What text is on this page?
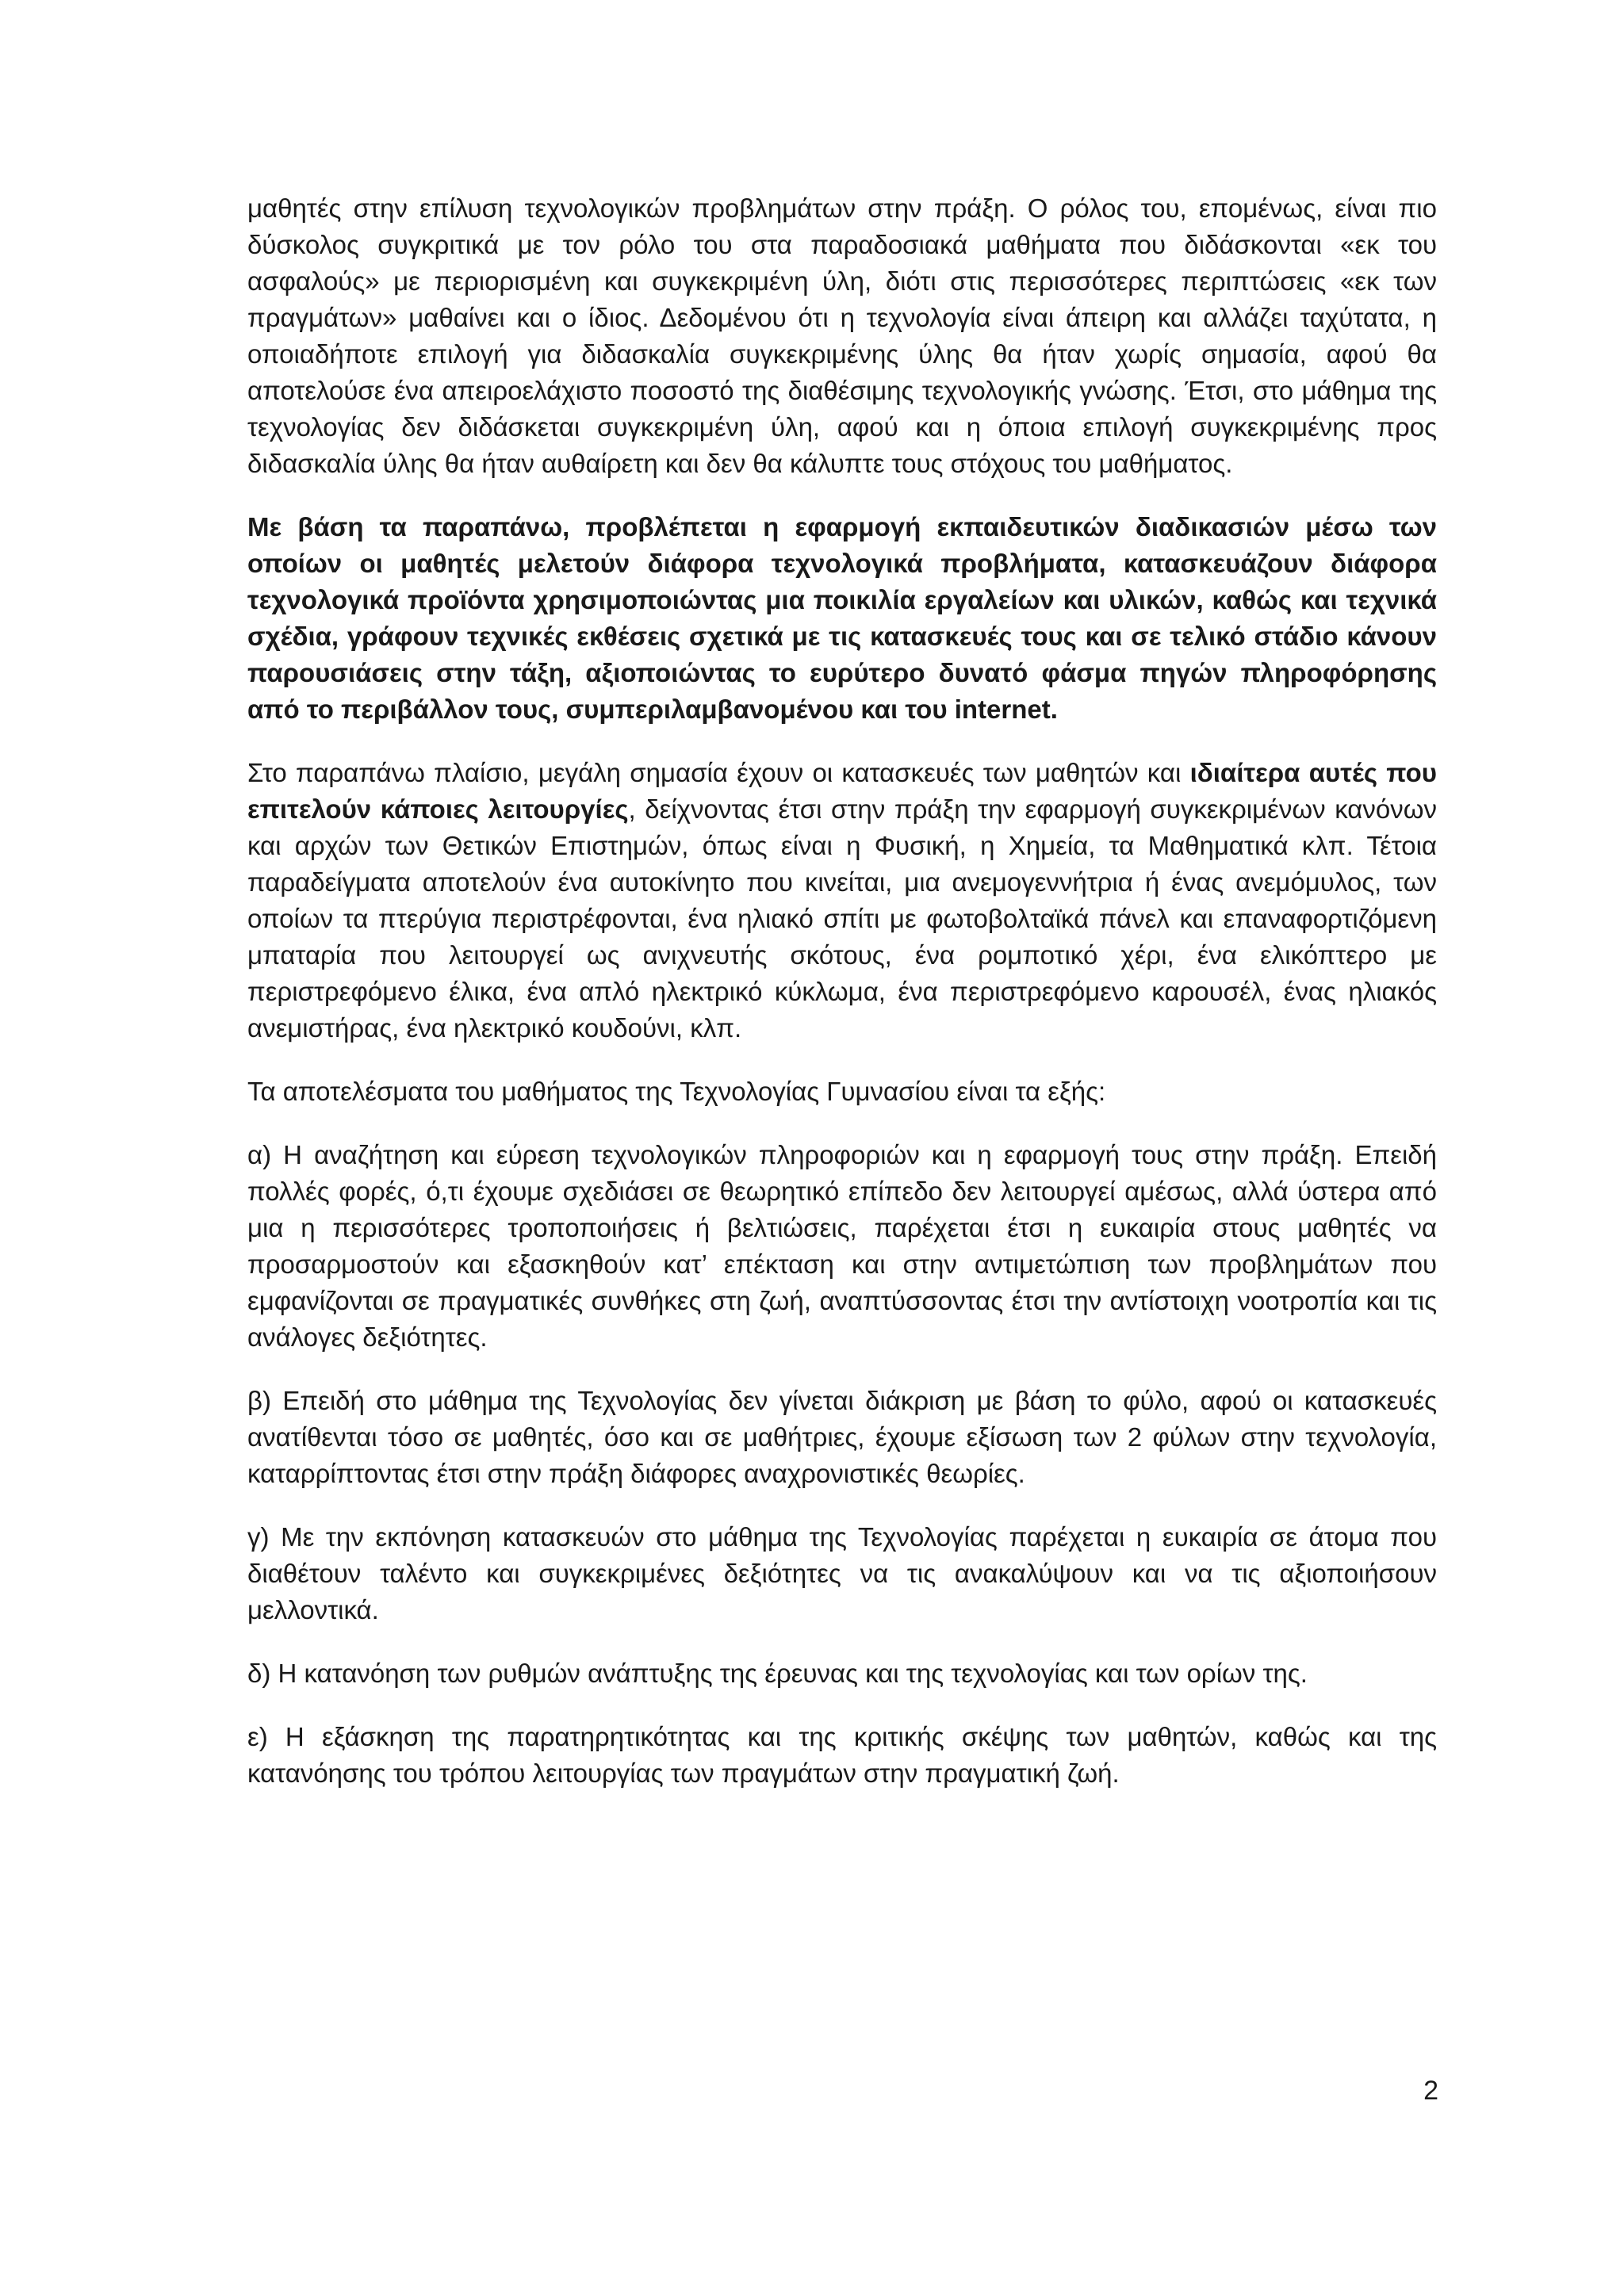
μαθητές στην επίλυση τεχνολογικών προβλημάτων στην πράξη. Ο ρόλος του, επομένως, είναι πιο δύσκολος συγκριτικά με τον ρόλο του στα παραδοσιακά μαθήματα που διδάσκονται «εκ του ασφαλούς» με περιορισμένη και συγκεκριμένη ύλη, διότι στις περισσότερες περιπτώσεις «εκ των πραγμάτων» μαθαίνει και ο ίδιος. Δεδομένου ότι η τεχνολογία είναι άπειρη και αλλάζει ταχύτατα, η οποιαδήποτε επιλογή για διδασκαλία συγκεκριμένης ύλης θα ήταν χωρίς σημασία, αφού θα αποτελούσε ένα απειροελάχιστο ποσοστό της διαθέσιμης τεχνολογικής γνώσης. Έτσι, στο μάθημα της τεχνολογίας δεν διδάσκεται συγκεκριμένη ύλη, αφού και η όποια επιλογή συγκεκριμένης προς διδασκαλία ύλης θα ήταν αυθαίρετη και δεν θα κάλυπτε τους στόχους του μαθήματος.

Με βάση τα παραπάνω, προβλέπεται η εφαρμογή εκπαιδευτικών διαδικασιών μέσω των οποίων οι μαθητές μελετούν διάφορα τεχνολογικά προβλήματα, κατασκευάζουν διάφορα τεχνολογικά προϊόντα χρησιμοποιώντας μια ποικιλία εργαλείων και υλικών, καθώς και τεχνικά σχέδια, γράφουν τεχνικές εκθέσεις σχετικά με τις κατασκευές τους και σε τελικό στάδιο κάνουν παρουσιάσεις στην τάξη, αξιοποιώντας το ευρύτερο δυνατό φάσμα πηγών πληροφόρησης από το περιβάλλον τους, συμπεριλαμβανομένου και του internet.

Στο παραπάνω πλαίσιο, μεγάλη σημασία έχουν οι κατασκευές των μαθητών και ιδιαίτερα αυτές που επιτελούν κάποιες λειτουργίες, δείχνοντας έτσι στην πράξη την εφαρμογή συγκεκριμένων κανόνων και αρχών των Θετικών Επιστημών, όπως είναι η Φυσική, η Χημεία, τα Μαθηματικά κλπ. Τέτοια παραδείγματα αποτελούν ένα αυτοκίνητο που κινείται, μια ανεμογεννήτρια ή ένας ανεμόμυλος, των οποίων τα πτερύγια περιστρέφονται, ένα ηλιακό σπίτι με φωτοβολταϊκά πάνελ και επαναφορτιζόμενη μπαταρία που λειτουργεί ως ανιχνευτής σκότους, ένα ρομποτικό χέρι, ένα ελικόπτερο με περιστρεφόμενο έλικα, ένα απλό ηλεκτρικό κύκλωμα, ένα περιστρεφόμενο καρουσέλ, ένας ηλιακός ανεμιστήρας, ένα ηλεκτρικό κουδούνι, κλπ.

Τα αποτελέσματα του μαθήματος της Τεχνολογίας Γυμνασίου είναι τα εξής:

α) Η αναζήτηση και εύρεση τεχνολογικών πληροφοριών και η εφαρμογή τους στην πράξη. Επειδή πολλές φορές, ό,τι έχουμε σχεδιάσει σε θεωρητικό επίπεδο δεν λειτουργεί αμέσως, αλλά ύστερα από μια η περισσότερες τροποποιήσεις ή βελτιώσεις, παρέχεται έτσι η ευκαιρία στους μαθητές να προσαρμοστούν και εξασκηθούν κατ’ επέκταση και στην αντιμετώπιση των προβλημάτων που εμφανίζονται σε πραγματικές συνθήκες στη ζωή, αναπτύσσοντας έτσι την αντίστοιχη νοοτροπία και τις ανάλογες δεξιότητες.

β) Επειδή στο μάθημα της Τεχνολογίας δεν γίνεται διάκριση με βάση το φύλο, αφού οι κατασκευές ανατίθενται τόσο σε μαθητές, όσο και σε μαθήτριες, έχουμε εξίσωση των 2 φύλων στην τεχνολογία, καταρρίπτοντας έτσι στην πράξη διάφορες αναχρονιστικές θεωρίες.

γ) Με την εκπόνηση κατασκευών στο μάθημα της Τεχνολογίας παρέχεται η ευκαιρία σε άτομα που διαθέτουν ταλέντο και συγκεκριμένες δεξιότητες να τις ανακαλύψουν και να τις αξιοποιήσουν μελλοντικά.

δ) Η κατανόηση των ρυθμών ανάπτυξης της έρευνας και της τεχνολογίας και των ορίων της.

ε) Η εξάσκηση της παρατηρητικότητας και της κριτικής σκέψης των μαθητών, καθώς και της κατανόησης του τρόπου λειτουργίας των πραγμάτων στην πραγματική ζωή.

2
